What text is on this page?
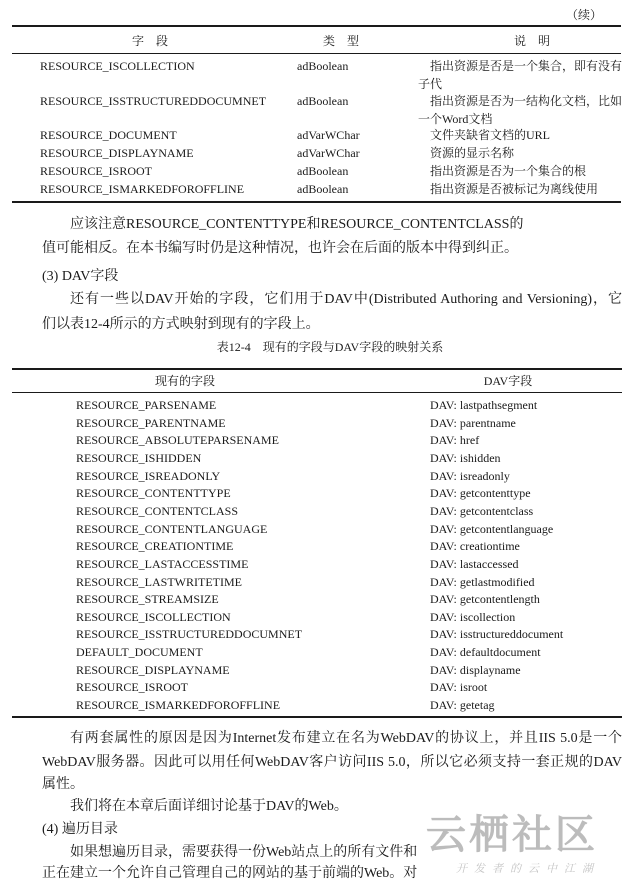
（续）
字　段	类　型	说　明
RESOURCE_ISCOLLECTION	adBoolean	指出资源是否是一个集合，即有没有
子代
RESOURCE_ISSTRUCTUREDDOCUMNET	adBoolean	指出资源是否为一结构化文档，比如
一个Word文档
RESOURCE_DOCUMENT	adVarWChar	文件夹缺省文档的URL
RESOURCE_DISPLAYNAME	adVarWChar	资源的显示名称
RESOURCE_ISROOT	adBoolean	指出资源是否为一个集合的根
RESOURCE_ISMARKEDFOROFFLINE	adBoolean	指出资源是否被标记为离线使用
应该注意RESOURCE_CONTENTTYPE和RESOURCE_CONTENTCLASS的
值可能相反。在本书编写时仍是这种情况，也许会在后面的版本中得到纠正。
(3) DAV字段
还有一些以DAV开始的字段，它们用于DAV中(Distributed Authoring and Versioning)，它
们以表12-4所示的方式映射到现有的字段上。
表12-4　现有的字段与DAV字段的映射关系
现有的字段	DAV字段
RESOURCE_PARSENAME	DAV: lastpathsegment
RESOURCE_PARENTNAME	DAV: parentname
RESOURCE_ABSOLUTEPARSENAME	DAV: href
RESOURCE_ISHIDDEN	DAV: ishidden
RESOURCE_ISREADONLY	DAV: isreadonly
RESOURCE_CONTENTTYPE	DAV: getcontenttype
RESOURCE_CONTENTCLASS	DAV: getcontentclass
RESOURCE_CONTENTLANGUAGE	DAV: getcontentlanguage
RESOURCE_CREATIONTIME	DAV: creationtime
RESOURCE_LASTACCESSTIME	DAV: lastaccessed
RESOURCE_LASTWRITETIME	DAV: getlastmodified
RESOURCE_STREAMSIZE	DAV: getcontentlength
RESOURCE_ISCOLLECTION	DAV: iscollection
RESOURCE_ISSTRUCTUREDDOCUMNET	DAV: isstructureddocument
DEFAULT_DOCUMENT	DAV: defaultdocument
RESOURCE_DISPLAYNAME	DAV: displayname
RESOURCE_ISROOT	DAV: isroot
RESOURCE_ISMARKEDFOROFFLINE	DAV: getetag
有两套属性的原因是因为Internet发布建立在名为WebDAV的协议上，并且IIS 5.0是一个
WebDAV服务器。因此可以用任何WebDAV客户访问IIS 5.0，所以它必须支持一套正规的DAV
属性。
我们将在本章后面详细讨论基于DAV的Web。
(4) 遍历目录
如果想遍历目录，需要获得一份Web站点上的所有文件和
正在建立一个允许自己管理自己的网站的基于前端的Web。对
云栖社区
开发者的云中江湖
